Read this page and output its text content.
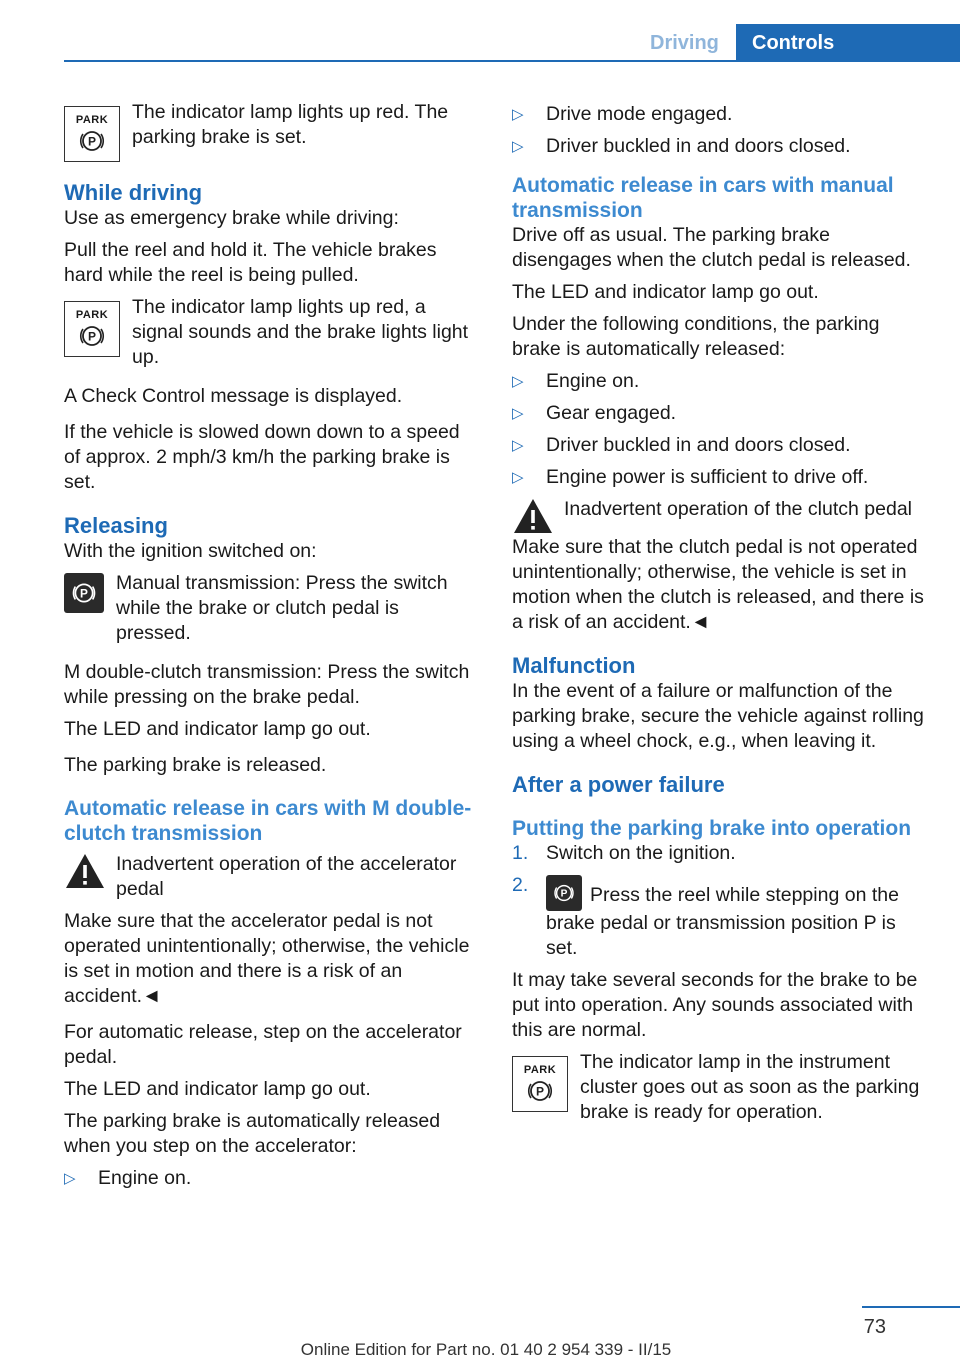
Driving	Controls
PARK
P

The indicator lamp lights up red. The parking brake is set.

While driving

Use as emergency brake while driving:

Pull the reel and hold it. The vehicle brakes hard while the reel is being pulled.

PARK
P

The indicator lamp lights up red, a signal sounds and the brake lights light up.

A Check Control message is displayed.

If the vehicle is slowed down down to a speed of approx. 2 mph/3 km/h the parking brake is set.

Releasing

With the ignition switched on:

P Manual transmission: Press the switch while the brake or clutch pedal is pressed.

M double-clutch transmission: Press the switch while pressing on the brake pedal.

The LED and indicator lamp go out.

The parking brake is released.

Automatic release in cars with M double-clutch transmission

Inadvertent operation of the accelerator pedal

Make sure that the accelerator pedal is not operated unintentionally; otherwise, the vehicle is set in motion and there is a risk of an accident.◄

For automatic release, step on the accelerator pedal.

The LED and indicator lamp go out.

The parking brake is automatically released when you step on the accelerator:

▷ Engine on.
▷ Drive mode engaged.
▷ Driver buckled in and doors closed.
Automatic release in cars with manual transmission

Drive off as usual. The parking brake disengages when the clutch pedal is released.

The LED and indicator lamp go out.

Under the following conditions, the parking brake is automatically released:

▷ Engine on.
▷ Gear engaged.
▷ Driver buckled in and doors closed.
▷ Engine power is sufficient to drive off.

Inadvertent operation of the clutch pedal

Make sure that the clutch pedal is not operated unintentionally; otherwise, the vehicle is set in motion when the clutch is released, and there is a risk of an accident.◄

Malfunction

In the event of a failure or malfunction of the parking brake, secure the vehicle against rolling using a wheel chock, e.g., when leaving it.

After a power failure
Putting the parking brake into operation
1. Switch on the ignition.
2.	P Press the reel while stepping on the brake pedal or transmission position P is set.

It may take several seconds for the brake to be put into operation. Any sounds associated with this are normal.

PARK
P

The indicator lamp in the instrument cluster goes out as soon as the parking brake is ready for operation.

73
Online Edition for Part no. 01 40 2 954 339 - II/15
